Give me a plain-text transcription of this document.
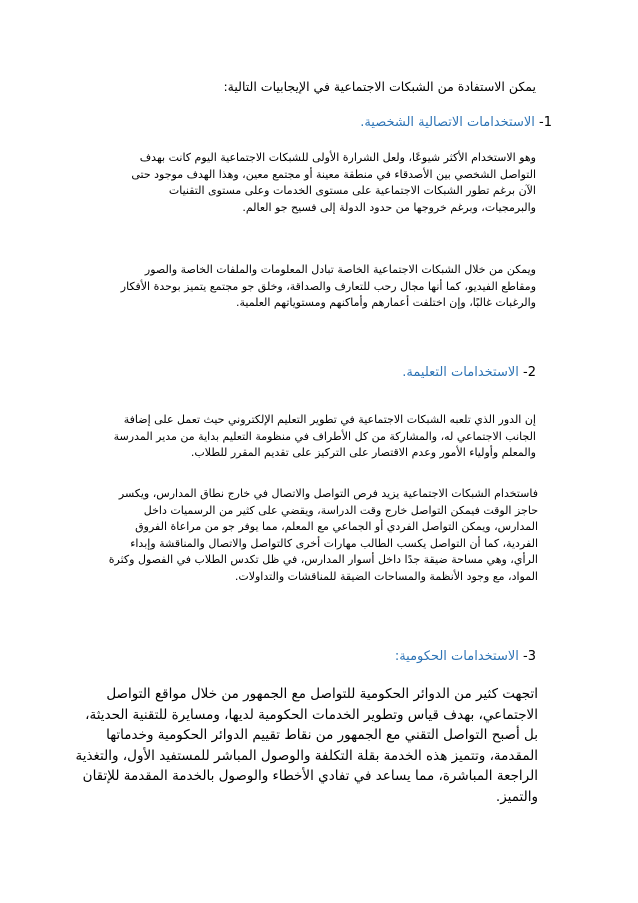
يمكن الاستفادة من الشبكات الاجتماعية في الإيجابيات التالية:
1- الاستخدامات الاتصالية الشخصية.
وهو الاستخدام الأكثر شيوعًا، ولعل الشرارة الأولى للشبكات الاجتماعية اليوم كانت بهدف
التواصل الشخصي بين الأصدقاء في منطقة معينة أو مجتمع معين، وهذا الهدف موجود حتى
الآن برغم تطور الشبكات الاجتماعية على مستوى الخدمات وعلى مستوى التقنيات
والبرمجيات، وبرغم خروجها من حدود الدولة إلى فسيح جو العالم.
ويمكن من خلال الشبكات الاجتماعية الخاصة تبادل المعلومات والملفات الخاصة والصور
ومقاطع الفيديو، كما أنها مجال رحب للتعارف والصداقة، وخلق جو مجتمع يتميز بوحدة الأفكار
والرغبات غالبًا، وإن اختلفت أعمارهم وأماكنهم ومستوياتهم العلمية.
2- الاستخدامات التعليمة.
إن الدور الذي تلعبه الشبكات الاجتماعية في تطوير التعليم الإلكتروني حيث تعمل على إضافة
الجانب الاجتماعي له، والمشاركة من كل الأطراف في منظومة التعليم بداية من مدير المدرسة
والمعلم وأولياء الأمور وعدم الاقتصار على التركيز على تقديم المقرر للطلاب.
فاستخدام الشبكات الاجتماعية يزيد فرص التواصل والاتصال في خارج نطاق المدارس، ويكسر
حاجز الوقت فيمكن التواصل خارج وقت الدراسة، ويقضي على كثير من الرسميات داخل
المدارس، ويمكن التواصل الفردي أو الجماعي مع المعلم، مما يوفر جو من مراعاة الفروق
الفردية، كما أن التواصل يكسب الطالب مهارات أخرى كالتواصل والاتصال والمناقشة وإبداء
الرأي، وهي مساحة ضيقة جدًا داخل أسوار المدارس، في ظل تكدس الطلاب في الفصول وكثرة
المواد، مع وجود الأنظمة والمساحات الضيقة للمناقشات والتداولات.
3- الاستخدامات الحكومية:
اتجهت كثير من الدوائر الحكومية للتواصل مع الجمهور من خلال مواقع التواصل
الاجتماعي، بهدف قياس وتطوير الخدمات الحكومية لديها، ومسايرة للتقنية الحديثة،
بل أصبح التواصل التقني مع الجمهور من نقاط تقييم الدوائر الحكومية وخدماتها
المقدمة، وتتميز هذه الخدمة بقلة التكلفة والوصول المباشر للمستفيد الأول، والتغذية
الراجعة المباشرة، مما يساعد في تفادي الأخطاء والوصول بالخدمة المقدمة للإتقان
والتميز.
